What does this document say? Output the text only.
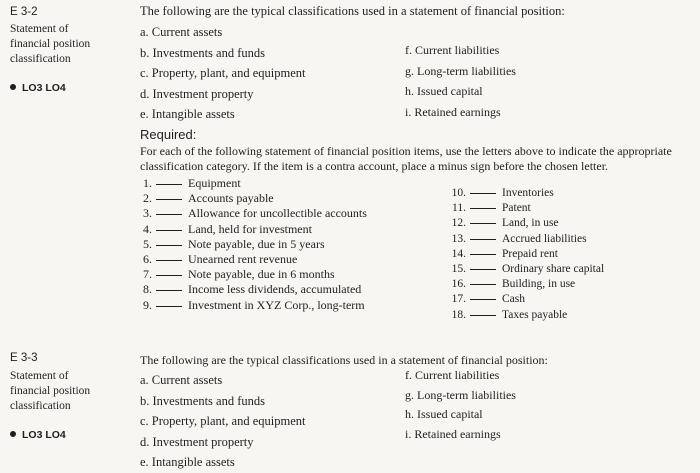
E 3-2
Statement of
financial position
classification
LO3 LO4
The following are the typical classifications used in a statement of financial position:
a. Current assets
b. Investments and funds
c. Property, plant, and equipment
d. Investment property
e. Intangible assets
f. Current liabilities
g. Long-term liabilities
h. Issued capital
i. Retained earnings
Required:
For each of the following statement of financial position items, use the letters above to indicate the appropriate
classification category. If the item is a contra account, place a minus sign before the chosen letter.
1.	Equipment
2.	Accounts payable
3.	Allowance for uncollectible accounts
4.	Land, held for investment
5.	Note payable, due in 5 years
6.	Unearned rent revenue
7.	Note payable, due in 6 months
8.	Income less dividends, accumulated
9.	Investment in XYZ Corp., long-term
10.	Inventories
11.	Patent
12.	Land, in use
13.	Accrued liabilities
14.	Prepaid rent
15.	Ordinary share capital
16.	Building, in use
17.	Cash
18.	Taxes payable
E 3-3
Statement of
financial position
classification
LO3 LO4
The following are the typical classifications used in a statement of financial position:
a. Current assets
b. Investments and funds
c. Property, plant, and equipment
d. Investment property
e. Intangible assets
f. Current liabilities
g. Long-term liabilities
h. Issued capital
i. Retained earnings
